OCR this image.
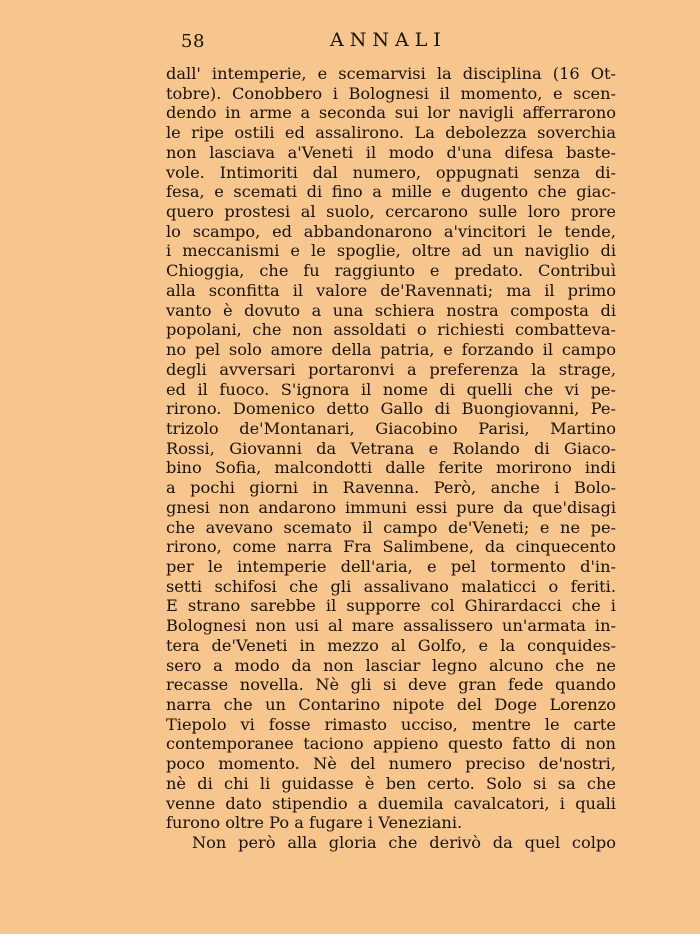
58	ANNALI
dall' intemperie, e scemarvisi la disciplina (16 Ot-
tobre). Conobbero i Bolognesi il momento, e scen-
dendo in arme a seconda sui lor navigli afferrarono
le ripe ostili ed assalirono. La debolezza soverchia
non lasciava a'Veneti il modo d'una difesa baste-
vole. Intimoriti dal numero, oppugnati senza di-
fesa, e scemati di fino a mille e dugento che giac-
quero prostesi al suolo, cercarono sulle loro prore
lo scampo, ed abbandonarono a'vincitori le tende,
i meccanismi e le spoglie, oltre ad un naviglio di
Chioggia, che fu raggiunto e predato. Contribuì
alla sconfitta il valore de'Ravennati; ma il primo
vanto è dovuto a una schiera nostra composta di
popolani, che non assoldati o richiesti combatteva-
no pel solo amore della patria, e forzando il campo
degli avversari portaronvi a preferenza la strage,
ed il fuoco. S'ignora il nome di quelli che vi pe-
rirono. Domenico detto Gallo di Buongiovanni, Pe-
trizolo de'Montanari, Giacobino Parisi, Martino
Rossi, Giovanni da Vetrana e Rolando di Giaco-
bino Sofia, malcondotti dalle ferite morirono indi
a pochi giorni in Ravenna. Però, anche i Bolo-
gnesi non andarono immuni essi pure da que'disagi
che avevano scemato il campo de'Veneti; e ne pe-
rirono, come narra Fra Salimbene, da cinquecento
per le intemperie dell'aria, e pel tormento d'in-
setti schifosi che gli assalivano malaticci o feriti.
E strano sarebbe il supporre col Ghirardacci che i
Bolognesi non usi al mare assalissero un'armata in-
tera de'Veneti in mezzo al Golfo, e la conquides-
sero a modo da non lasciar legno alcuno che ne
recasse novella. Nè gli si deve gran fede quando
narra che un Contarino nipote del Doge Lorenzo
Tiepolo vi fosse rimasto ucciso, mentre le carte
contemporanee taciono appieno questo fatto di non
poco momento. Nè del numero preciso de'nostri,
nè di chi li guidasse è ben certo. Solo si sa che
venne dato stipendio a duemila cavalcatori, i quali
furono oltre Po a fugare i Veneziani.
Non però alla gloria che derivò da quel colpo
